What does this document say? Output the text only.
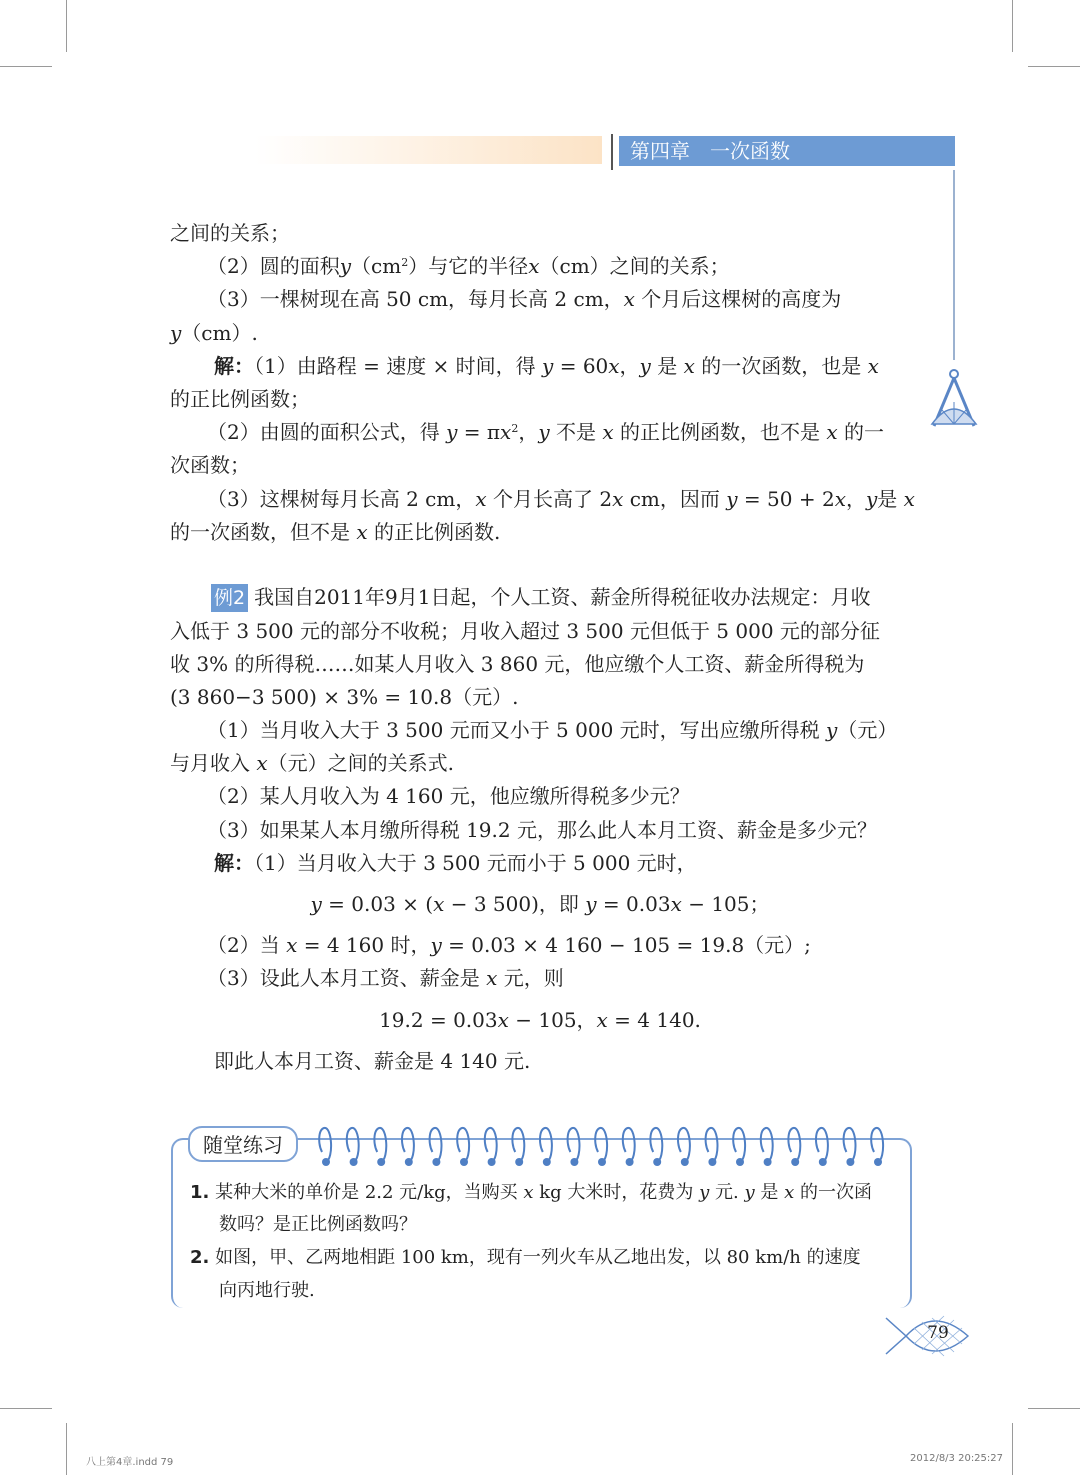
第四章　一次函数
之间的关系；
（2）圆的面积$y(cm^2)$与它的半径x（cm）之间的关系；
（3）一棵树现在高 50 cm，每月长高 2 cm，x 个月后这棵树的高度为
y（cm）.
解：（1）由路程 = 速度 × 时间，得 y = 60x，y 是 x 的一次函数，也是 x
的正比例函数；
（2）由圆的面积公式，得 $y = \pi x^2$，y 不是 x 的正比例函数，也不是 x 的一
次函数；
（3）这棵树每月长高 2 cm，x 个月长高了 2x cm，因而 y = 50 + 2x，y是 x
的一次函数，但不是 x 的正比例函数.
例2 我国自2011年9月1日起，个人工资、薪金所得税征收办法规定：月收
入低于 3 500 元的部分不收税；月收入超过 3 500 元但低于 5 000 元的部分征
收 3% 的所得税……如某人月收入 3 860 元，他应缴个人工资、薪金所得税为
(3 860−3 500) × 3% = 10.8（元）.
（1）当月收入大于 3 500 元而又小于 5 000 元时，写出应缴所得税 y（元）
与月收入 x（元）之间的关系式.
（2）某人月收入为 4 160 元，他应缴所得税多少元？
（3）如果某人本月缴所得税 19.2 元，那么此人本月工资、薪金是多少元？
解：（1）当月收入大于 3 500 元而小于 5 000 元时，
y = 0.03 × (x − 3 500)，即 y = 0.03x − 105；
（2）当 x = 4 160 时，y = 0.03 × 4 160 − 105 = 19.8（元）;
（3）设此人本月工资、薪金是 x 元，则
19.2 = 0.03x − 105，x = 4 140.
即此人本月工资、薪金是 4 140 元.
随堂练习
1. 某种大米的单价是 2.2 元/kg，当购买 x kg 大米时，花费为 y 元. y 是 x 的一次函
数吗？是正比例函数吗？
2. 如图，甲、乙两地相距 100 km，现有一列火车从乙地出发，以 80 km/h 的速度
向丙地行驶.
79
八上第4章.indd 79	2012/8/3 20:25:27
